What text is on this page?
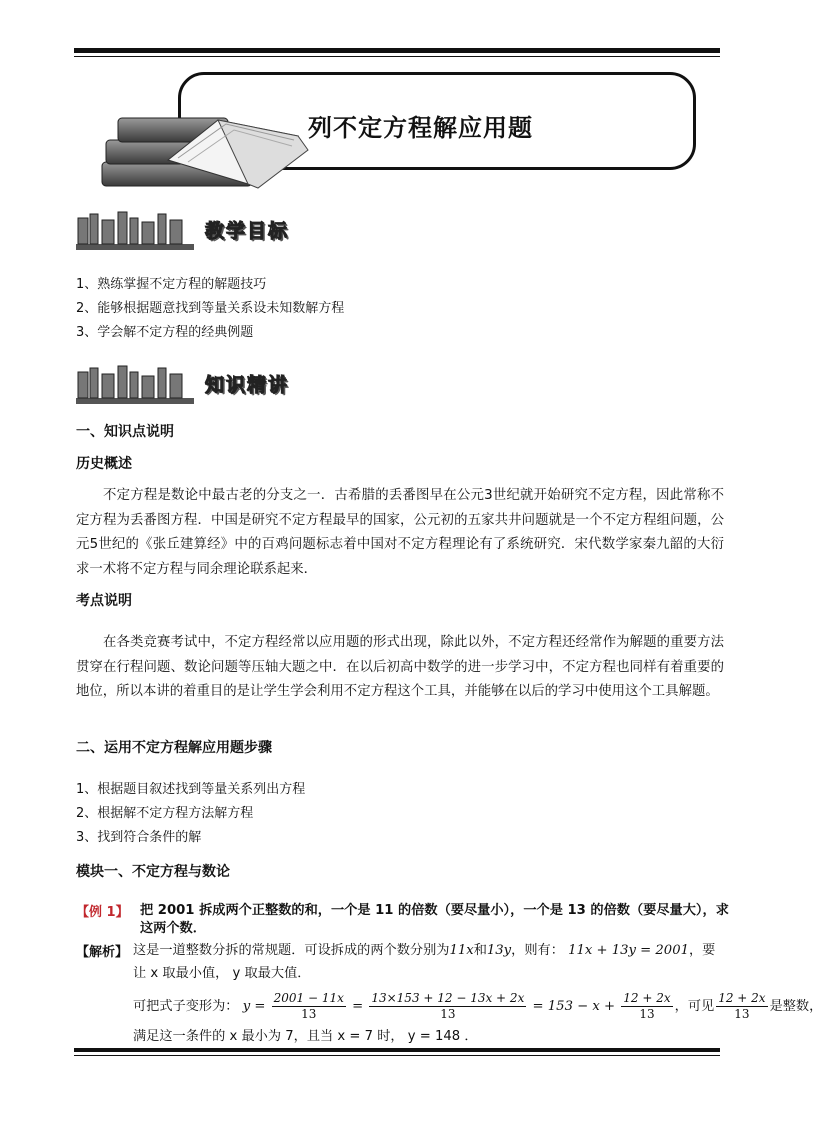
列不定方程解应用题
教学目标
1、熟练掌握不定方程的解题技巧
2、能够根据题意找到等量关系设未知数解方程
3、学会解不定方程的经典例题
知识精讲
一、知识点说明
历史概述
不定方程是数论中最古老的分支之一．古希腊的丢番图早在公元3世纪就开始研究不定方程，因此常称不定方程为丢番图方程．中国是研究不定方程最早的国家，公元初的五家共井问题就是一个不定方程组问题，公元5世纪的《张丘建算经》中的百鸡问题标志着中国对不定方程理论有了系统研究．宋代数学家秦九韶的大衍求一术将不定方程与同余理论联系起来．
考点说明
在各类竞赛考试中，不定方程经常以应用题的形式出现，除此以外，不定方程还经常作为解题的重要方法贯穿在行程问题、数论问题等压轴大题之中．在以后初高中数学的进一步学习中，不定方程也同样有着重要的地位，所以本讲的着重目的是让学生学会利用不定方程这个工具，并能够在以后的学习中使用这个工具解题。
二、运用不定方程解应用题步骤
1、根据题目叙述找到等量关系列出方程
2、根据解不定方程方法解方程
3、找到符合条件的解
模块一、不定方程与数论
【例 1】 把 2001 拆成两个正整数的和，一个是 11 的倍数（要尽量小），一个是 13 的倍数（要尽量大），求
这两个数．
【解析】 这是一道整数分拆的常规题．可设拆成的两个数分别为11x和13y，则有： 11x + 13y = 2001，要
让 x 取最小值， y 取最大值．
可把式子变形为： $y = \frac{2001 - 11x}{13} = \frac{13\times 153 + 12 - 13x + 2x}{13} = 153 - x + \frac{12 + 2x}{13}$ ，可见 $\frac{12 + 2x}{13}$ 是整数，
满足这一条件的 x 最小为 7，且当 x = 7 时， y = 148 ．
